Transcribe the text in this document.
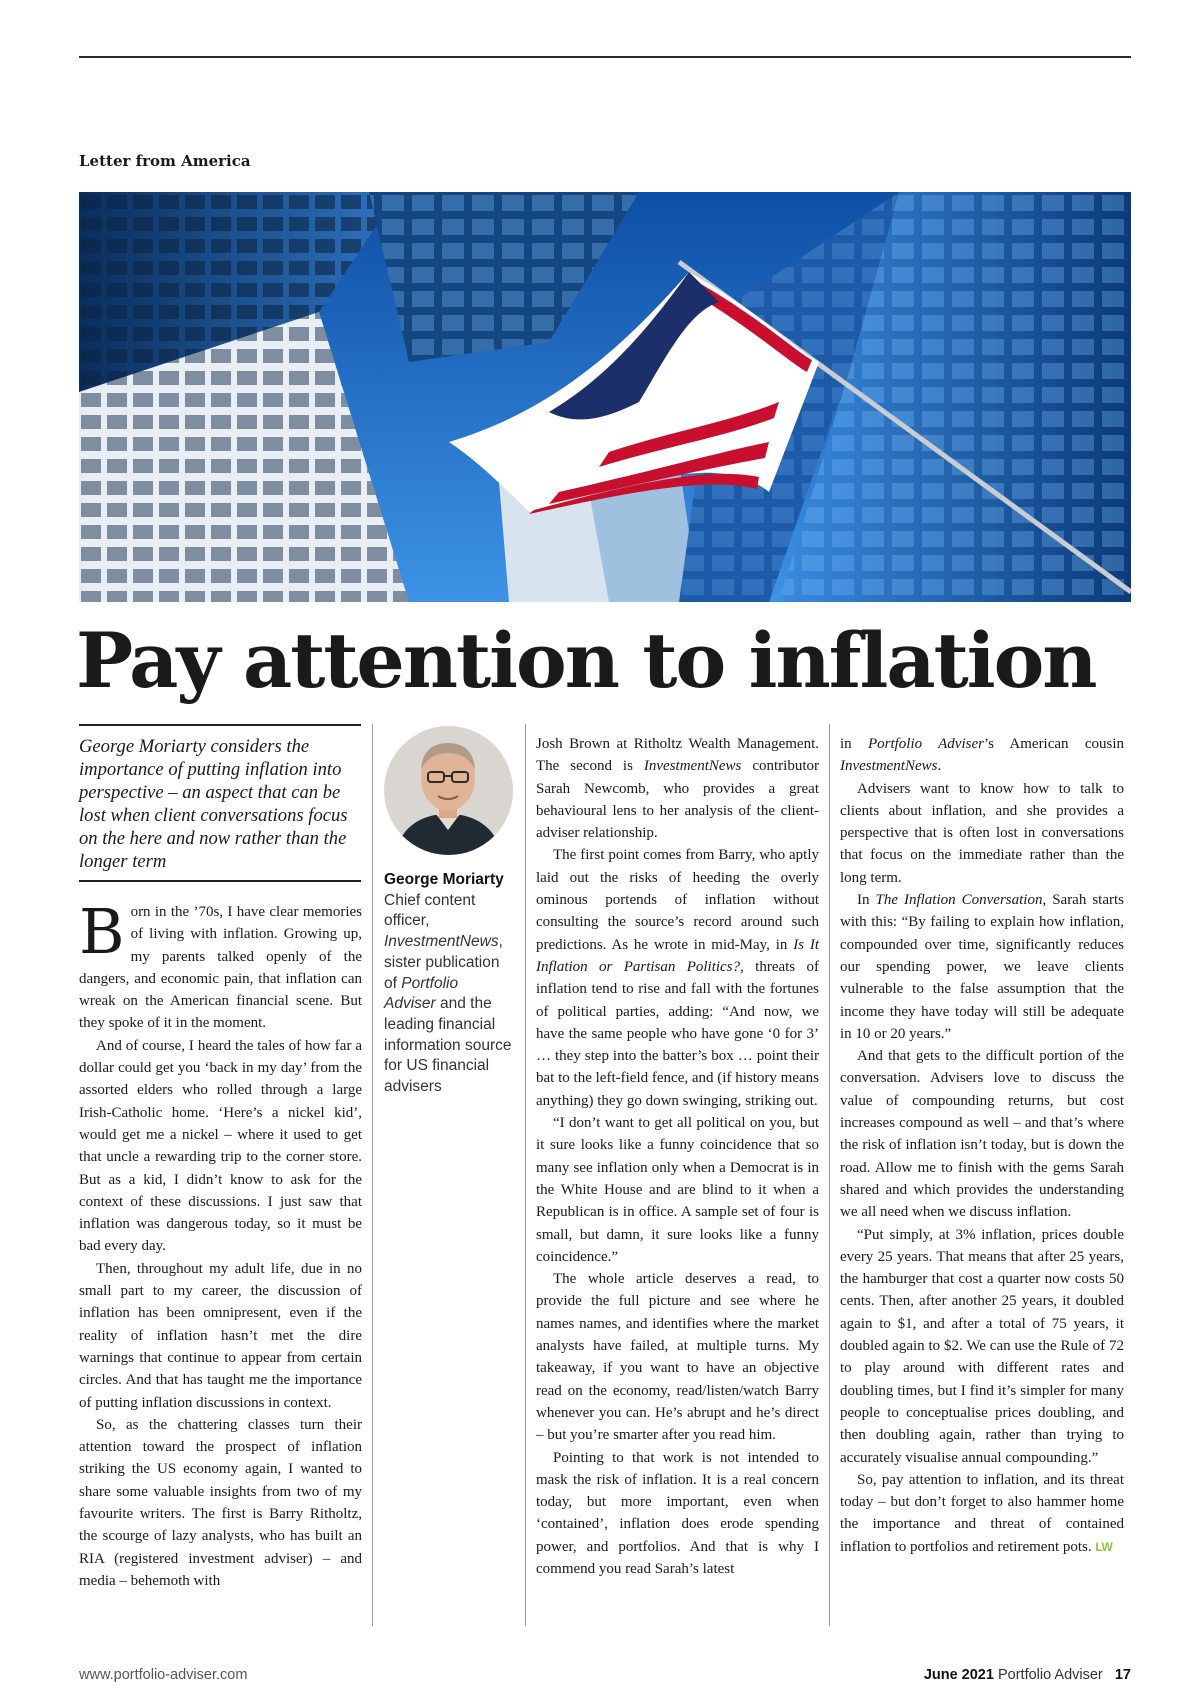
Letter from America
Pay attention to inflation
George Moriarty considers the importance of putting inflation into perspective – an aspect that can be lost when client conversations focus on the here and now rather than the longer term

Born in the ’70s, I have clear memories of living with inflation. Growing up, my parents talked openly of the dangers, and economic pain, that inflation can wreak on the American financial scene. But they spoke of it in the moment.

And of course, I heard the tales of how far a dollar could get you ‘back in my day’ from the assorted elders who rolled through a large Irish-Catholic home. ‘Here’s a nickel kid’, would get me a nickel – where it used to get that uncle a rewarding trip to the corner store. But as a kid, I didn’t know to ask for the context of these discussions. I just saw that inflation was dangerous today, so it must be bad every day.

Then, throughout my adult life, due in no small part to my career, the discussion of inflation has been omnipresent, even if the reality of inflation hasn’t met the dire warnings that continue to appear from certain circles. And that has taught me the importance of putting inflation discussions in context.

So, as the chattering classes turn their attention toward the prospect of inflation striking the US economy again, I wanted to share some valuable insights from two of my favourite writers. The first is Barry Ritholtz, the scourge of lazy analysts, who has built an RIA (registered investment adviser) – and media – behemoth with

George Moriarty
Chief content officer, InvestmentNews, sister publication of Portfolio Adviser and the leading financial information source for US financial advisers

Josh Brown at Ritholtz Wealth Management. The second is InvestmentNews contributor Sarah Newcomb, who provides a great behavioural lens to her analysis of the client-adviser relationship.

The first point comes from Barry, who aptly laid out the risks of heeding the overly ominous portends of inflation without consulting the source’s record around such predictions. As he wrote in mid-May, in Is It Inflation or Partisan Politics?, threats of inflation tend to rise and fall with the fortunes of political parties, adding: “And now, we have the same people who have gone ‘0 for 3’ … they step into the batter’s box … point their bat to the left-field fence, and (if history means anything) they go down swinging, striking out.

“I don’t want to get all political on you, but it sure looks like a funny coincidence that so many see inflation only when a Democrat is in the White House and are blind to it when a Republican is in office. A sample set of four is small, but damn, it sure looks like a funny coincidence.”

The whole article deserves a read, to provide the full picture and see where he names names, and identifies where the market analysts have failed, at multiple turns. My takeaway, if you want to have an objective read on the economy, read/listen/watch Barry whenever you can. He’s abrupt and he’s direct – but you’re smarter after you read him.

Pointing to that work is not intended to mask the risk of inflation. It is a real concern today, but more important, even when ‘contained’, inflation does erode spending power, and portfolios. And that is why I commend you read Sarah’s latest

in Portfolio Adviser’s American cousin InvestmentNews.

Advisers want to know how to talk to clients about inflation, and she provides a perspective that is often lost in conversations that focus on the immediate rather than the long term.

In The Inflation Conversation, Sarah starts with this: “By failing to explain how inflation, compounded over time, significantly reduces our spending power, we leave clients vulnerable to the false assumption that the income they have today will still be adequate in 10 or 20 years.”

And that gets to the difficult portion of the conversation. Advisers love to discuss the value of compounding returns, but cost increases compound as well – and that’s where the risk of inflation isn’t today, but is down the road. Allow me to finish with the gems Sarah shared and which provides the understanding we all need when we discuss inflation.

“Put simply, at 3% inflation, prices double every 25 years. That means that after 25 years, the hamburger that cost a quarter now costs 50 cents. Then, after another 25 years, it doubled again to $1, and after a total of 75 years, it doubled again to $2. We can use the Rule of 72 to play around with different rates and doubling times, but I find it’s simpler for many people to conceptualise prices doubling, and then doubling again, rather than trying to accurately visualise annual compounding.”

So, pay attention to inflation, and its threat today – but don’t forget to also hammer home the importance and threat of contained inflation to portfolios and retirement pots. LW

www.portfolio-adviser.com	June 2021 Portfolio Adviser 17
